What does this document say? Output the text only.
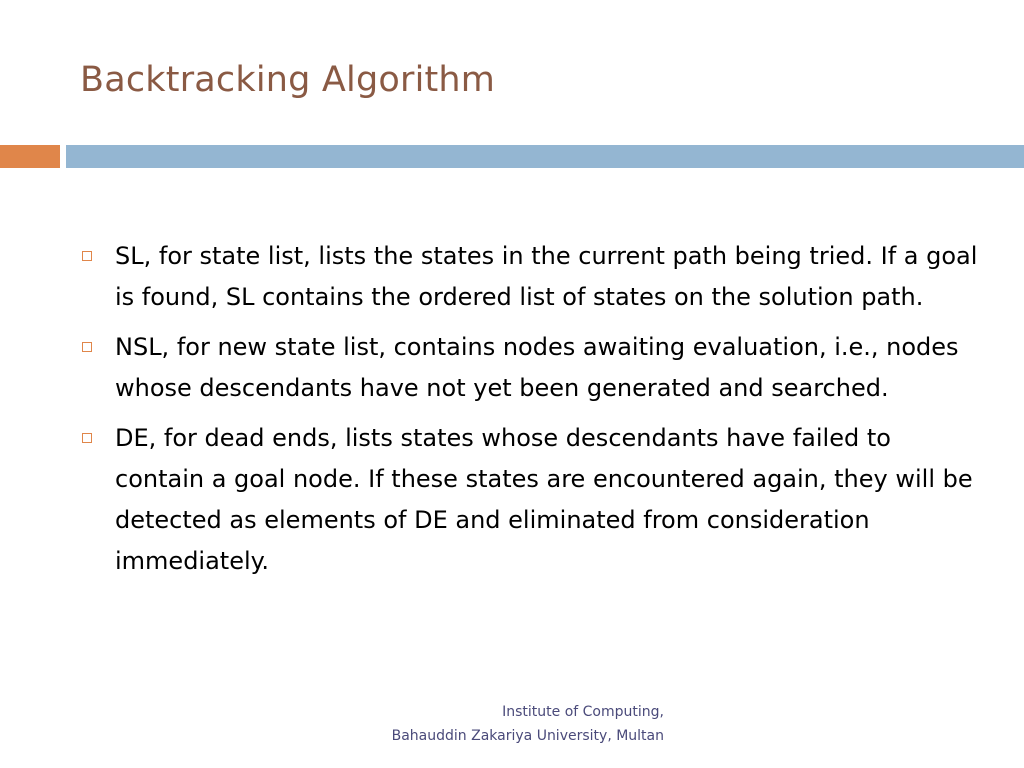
Backtracking Algorithm
SL, for state list, lists the states in the current path being tried. If a goal is found, SL contains the ordered list of states on the solution path.
NSL, for new state list, contains nodes awaiting evaluation, i.e., nodes whose descendants have not yet been generated and searched.
DE, for dead ends, lists states whose descendants have failed to contain a goal node. If these states are encountered again, they will be detected as elements of DE and eliminated from consideration immediately.
Institute of Computing,
Bahauddin Zakariya University, Multan
